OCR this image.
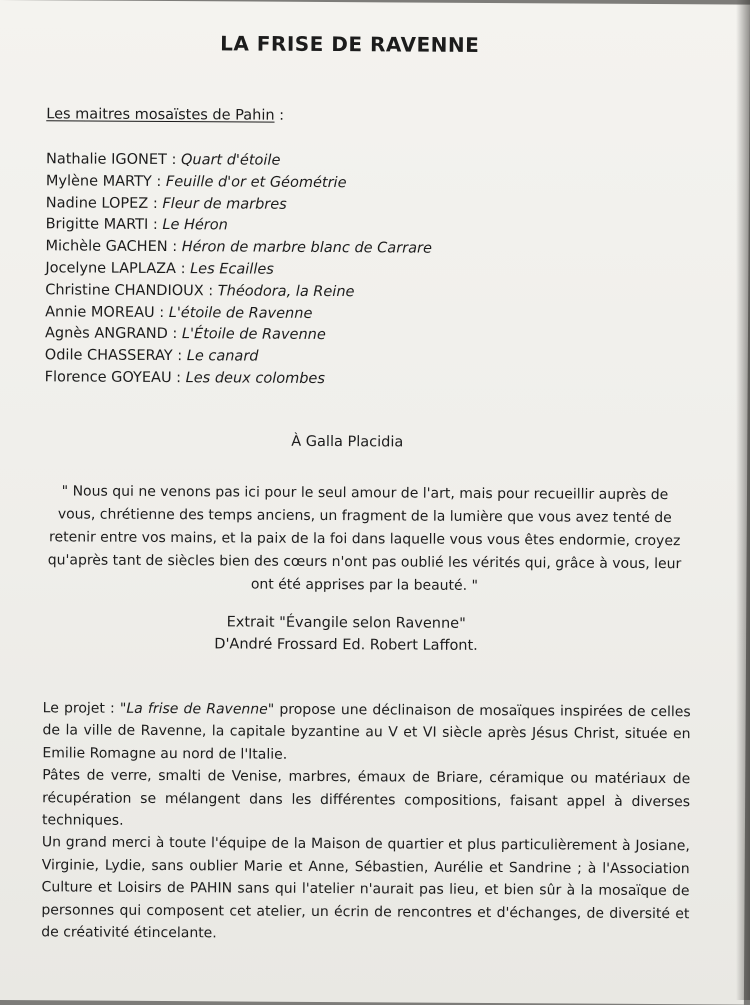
LA FRISE DE RAVENNE

Les maitres mosaïstes de Pahin :

Nathalie IGONET : Quart d'étoile
Mylène MARTY : Feuille d'or et Géométrie
Nadine LOPEZ : Fleur de marbres
Brigitte MARTI : Le Héron
Michèle GACHEN : Héron de marbre blanc de Carrare
Jocelyne LAPLAZA : Les Ecailles
Christine CHANDIOUX : Théodora, la Reine
Annie MOREAU : L'étoile de Ravenne
Agnès ANGRAND : L'Étoile de Ravenne
Odile CHASSERAY : Le canard
Florence GOYEAU : Les deux colombes

À Galla Placidia

" Nous qui ne venons pas ici pour le seul amour de l'art, mais pour recueillir auprès de vous, chrétienne des temps anciens, un fragment de la lumière que vous avez tenté de retenir entre vos mains, et la paix de la foi dans laquelle vous vous êtes endormie, croyez qu'après tant de siècles bien des cœurs n'ont pas oublié les vérités qui, grâce à vous, leur ont été apprises par la beauté. "

Extrait "Évangile selon Ravenne"
D'André Frossard Ed. Robert Laffont.

Le projet : "La frise de Ravenne" propose une déclinaison de mosaïques inspirées de celles de la ville de Ravenne, la capitale byzantine au V et VI siècle après Jésus Christ, située en Emilie Romagne au nord de l'Italie.

Pâtes de verre, smalti de Venise, marbres, émaux de Briare, céramique ou matériaux de récupération se mélangent dans les différentes compositions, faisant appel à diverses techniques.

Un grand merci à toute l'équipe de la Maison de quartier et plus particulièrement à Josiane, Virginie, Lydie, sans oublier Marie et Anne, Sébastien, Aurélie et Sandrine ; à l'Association Culture et Loisirs de PAHIN sans qui l'atelier n'aurait pas lieu, et bien sûr à la mosaïque de personnes qui composent cet atelier, un écrin de rencontres et d'échanges, de diversité et de créativité étincelante.
